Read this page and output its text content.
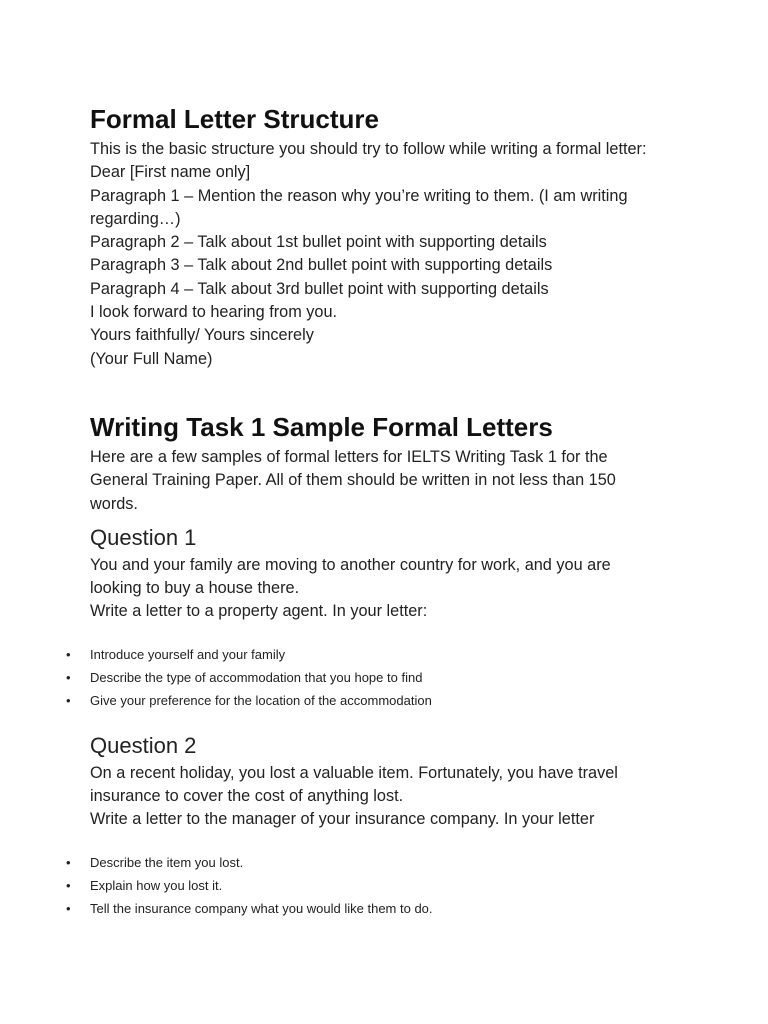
Formal Letter Structure

This is the basic structure you should try to follow while writing a formal letter:

Dear [First name only]

Paragraph 1 – Mention the reason why you’re writing to them. (I am writing

regarding…)

Paragraph 2 – Talk about 1st bullet point with supporting details

Paragraph 3 – Talk about 2nd bullet point with supporting details

Paragraph 4 – Talk about 3rd bullet point with supporting details

I look forward to hearing from you.

Yours faithfully/ Yours sincerely

(Your Full Name)

Writing Task 1 Sample Formal Letters

Here are a few samples of formal letters for IELTS Writing Task 1 for the

General Training Paper. All of them should be written in not less than 150

words.

Question 1

You and your family are moving to another country for work, and you are

looking to buy a house there.

Write a letter to a property agent. In your letter:

• Introduce yourself and your family
• Describe the type of accommodation that you hope to find
• Give your preference for the location of the accommodation
Question 2

On a recent holiday, you lost a valuable item. Fortunately, you have travel

insurance to cover the cost of anything lost.

Write a letter to the manager of your insurance company. In your letter

• Describe the item you lost.
• Explain how you lost it.
• Tell the insurance company what you would like them to do.
